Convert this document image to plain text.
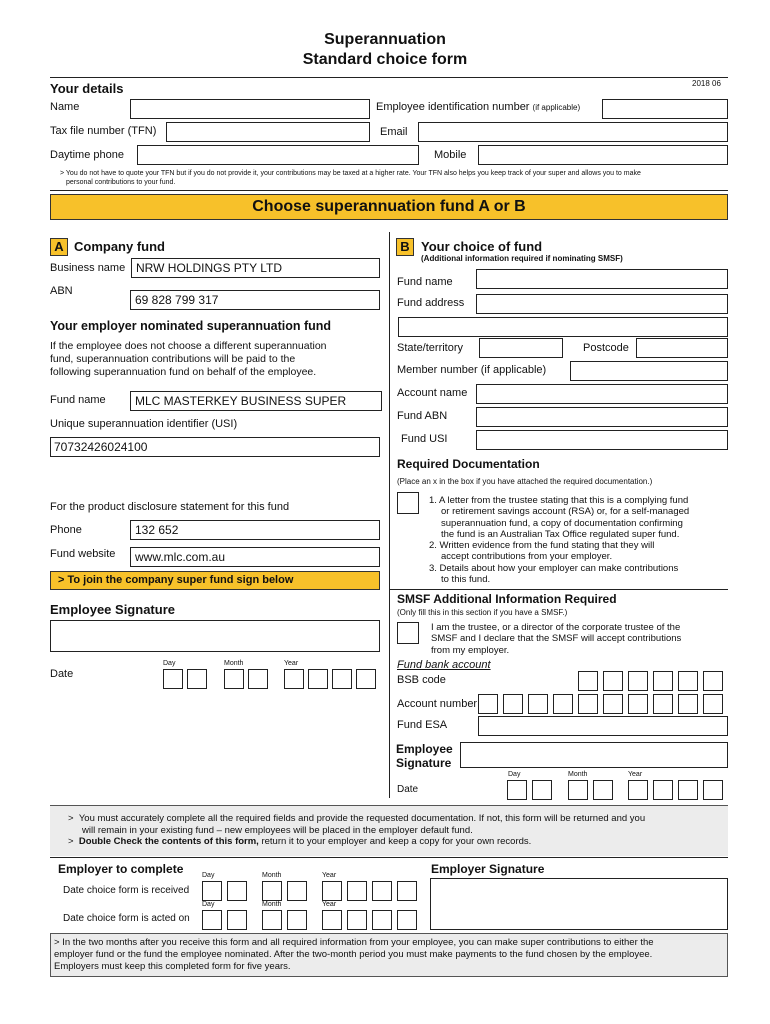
Superannuation
Standard choice form
2018 06
Your details
Name	Employee identification number (if applicable)
Tax file number (TFN)	Email
Daytime phone	Mobile
> You do not have to quote your TFN but if you do not provide it, your contributions may be taxed at a higher rate. Your TFN also helps you keep track of your super and allows you to make
personal contributions to your fund.
Choose superannuation fund A or B
A Company fund
Business name NRW HOLDINGS PTY LTD
ABN
69 828 799 317
Your employer nominated superannuation fund
If the employee does not choose a different superannuation
fund, superannuation contributions will be paid to the
following superannuation fund on behalf of the employee.
Fund name MLC MASTERKEY BUSINESS SUPER
Unique superannuation identifier (USI)
70732426024100
For the product disclosure statement for this fund
Phone	132 652
Fund website www.mlc.com.au
> To join the company super fund sign below
Employee Signature
Date
Day	Month	Year
B Your choice of fund
(Additional information required if nominating SMSF)
Fund name
Fund address
State/territory	Postcode
Member number (if applicable)
Account name
Fund ABN
Fund USI
Required Documentation
(Place an x in the box if you have attached the required documentation.)
1. A letter from the trustee stating that this is a complying fund
or retirement savings account (RSA) or, for a self-managed
superannuation fund, a copy of documentation confirming
the fund is an Australian Tax Office regulated super fund.
2. Written evidence from the fund stating that they will
accept contributions from your employer.
3. Details about how your employer can make contributions
to this fund.
SMSF Additional Information Required
(Only fill this in this section if you have a SMSF.)
I am the trustee, or a director of the corporate trustee of the
SMSF and I declare that the SMSF will accept contributions
from my employer.
Fund bank account
BSB code
Account number
Fund ESA
Employee
Signature
Day	Month	Year
Date
>  You must accurately complete all the required fields and provide the requested documentation. If not, this form will be returned and you
will remain in your existing fund – new employees will be placed in the employer default fund.
>  Double Check the contents of this form, return it to your employer and keep a copy for your own records.
Employer to complete	Day	Month	Year
Date choice form is received
Day	Month	Year
Date choice form is acted on
Employer Signature
> In the two months after you receive this form and all required information from your employee, you can make super contributions to either the
employer fund or the fund the employee nominated. After the two-month period you must make payments to the fund chosen by the employee.
Employers must keep this completed form for five years.
